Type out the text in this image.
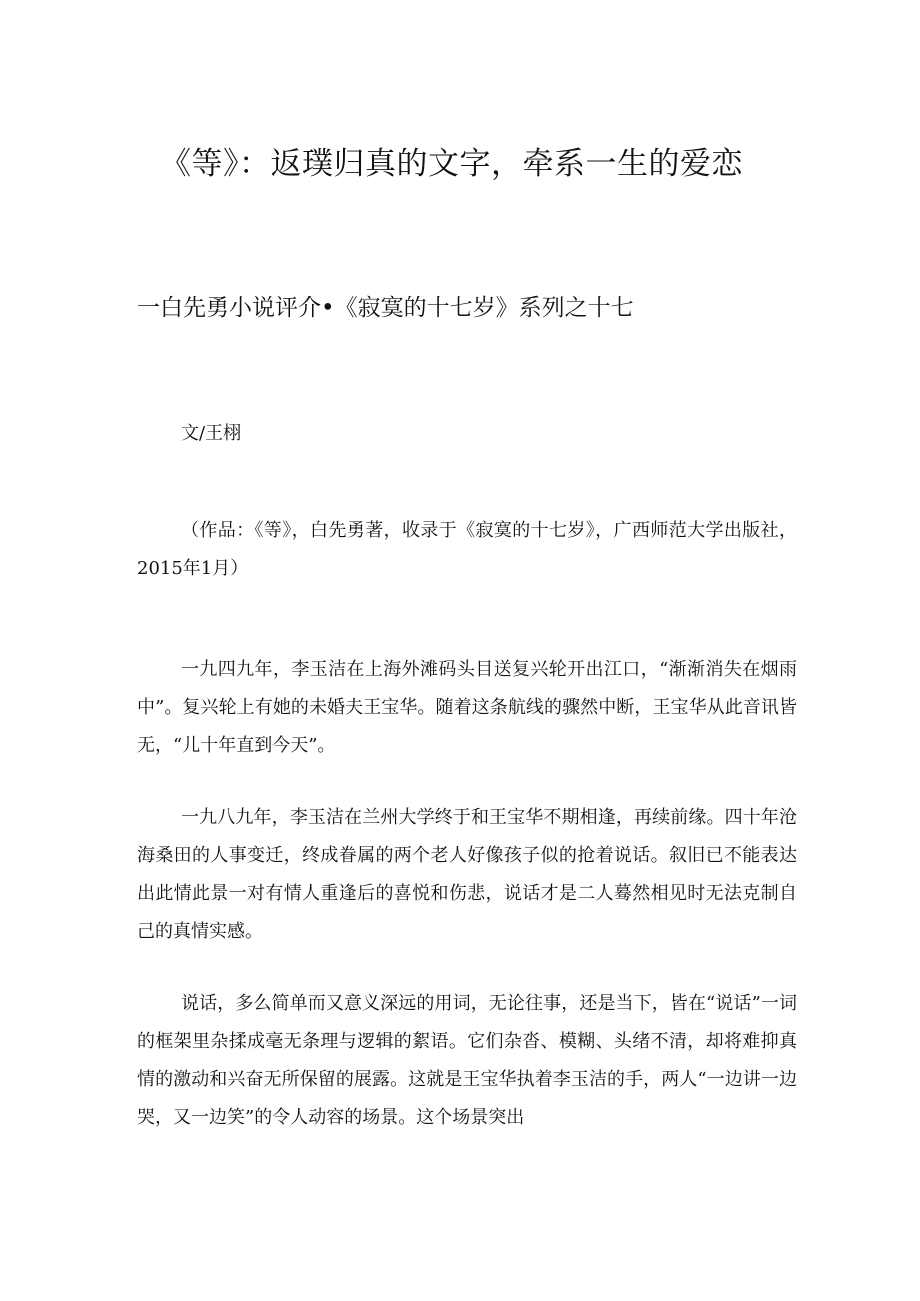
《等》：返璞归真的文字，牵系一生的爱恋
一白先勇小说评介•《寂寞的十七岁》系列之十七
文/王栩

（作品：《等》，白先勇著，收录于《寂寞的十七岁》，广西师范大学出版社，2015年1月）

一九四九年，李玉洁在上海外滩码头目送复兴轮开出江口，“渐渐消失在烟雨中”。复兴轮上有她的未婚夫王宝华。随着这条航线的骤然中断，王宝华从此音讯皆无，“儿十年直到今天”。

一九八九年，李玉洁在兰州大学终于和王宝华不期相逢，再续前缘。四十年沧海桑田的人事变迁，终成眷属的两个老人好像孩子似的抢着说话。叙旧已不能表达出此情此景一对有情人重逢后的喜悦和伤悲，说话才是二人蓦然相见时无法克制自己的真情实感。

说话，多么简单而又意义深远的用词，无论往事，还是当下，皆在“说话”一词的框架里杂揉成毫无条理与逻辑的絮语。它们杂沓、模糊、头绪不清，却将难抑真情的激动和兴奋无所保留的展露。这就是王宝华执着李玉洁的手，两人“一边讲一边哭，又一边笑”的令人动容的场景。这个场景突出
